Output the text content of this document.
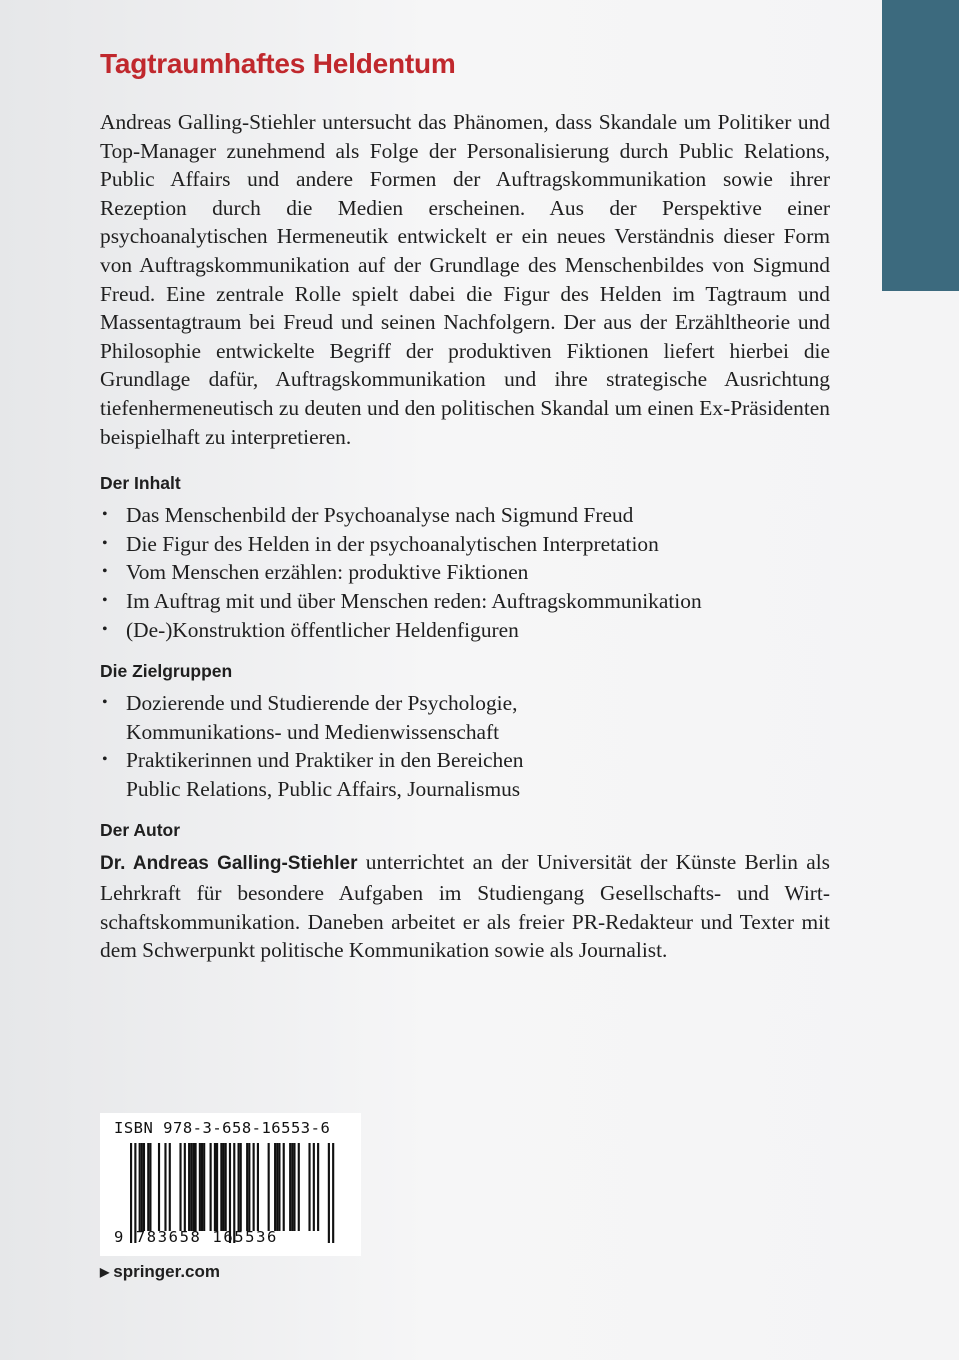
Tagtraumhaftes Heldentum

Andreas Galling-Stiehler untersucht das Phänomen, dass Skandale um Politiker und Top-Manager zunehmend als Folge der Personalisierung durch Public Relations, Public Affairs und andere Formen der Auftragskommunikation sowie ihrer Rezeption durch die Medien erscheinen. Aus der Perspektive einer psychoanalytischen Hermeneutik entwickelt er ein neues Verständnis dieser Form von Auftragskommunikation auf der Grundlage des Menschenbildes von Sigmund Freud. Eine zentrale Rolle spielt dabei die Figur des Helden im Tagtraum und Massentagtraum bei Freud und seinen Nachfolgern. Der aus der Erzähltheorie und Philosophie entwickelte Begriff der produktiven Fiktionen liefert hierbei die Grundlage dafür, Auftragskommunikation und ihre strategische Ausrichtung tiefenhermeneutisch zu deuten und den politischen Skandal um einen Ex-Präsidenten beispielhaft zu interpretieren.

Der Inhalt
• Das Menschenbild der Psychoanalyse nach Sigmund Freud
• Die Figur des Helden in der psychoanalytischen Interpretation
• Vom Menschen erzählen: produktive Fiktionen
• Im Auftrag mit und über Menschen reden: Auftragskommunikation
• (De-)Konstruktion öffentlicher Heldenfiguren
Die Zielgruppen
• Dozierende und Studierende der Psychologie, Kommunikations- und Medienwissenschaft
• Praktikerinnen und Praktiker in den Bereichen Public Relations, Public Affairs, Journalismus
Der Autor

Dr. Andreas Galling-Stiehler unterrichtet an der Universität der Künste Berlin als Lehrkraft für besondere Aufgaben im Studiengang Gesellschafts- und Wirtschaftskommunikation. Daneben arbeitet er als freier PR-Redakteur und Texter mit dem Schwerpunkt politische Kommunikation sowie als Journalist.

ISBN 978-3-658-16553-6
9 783658 165536
▶ springer.com
